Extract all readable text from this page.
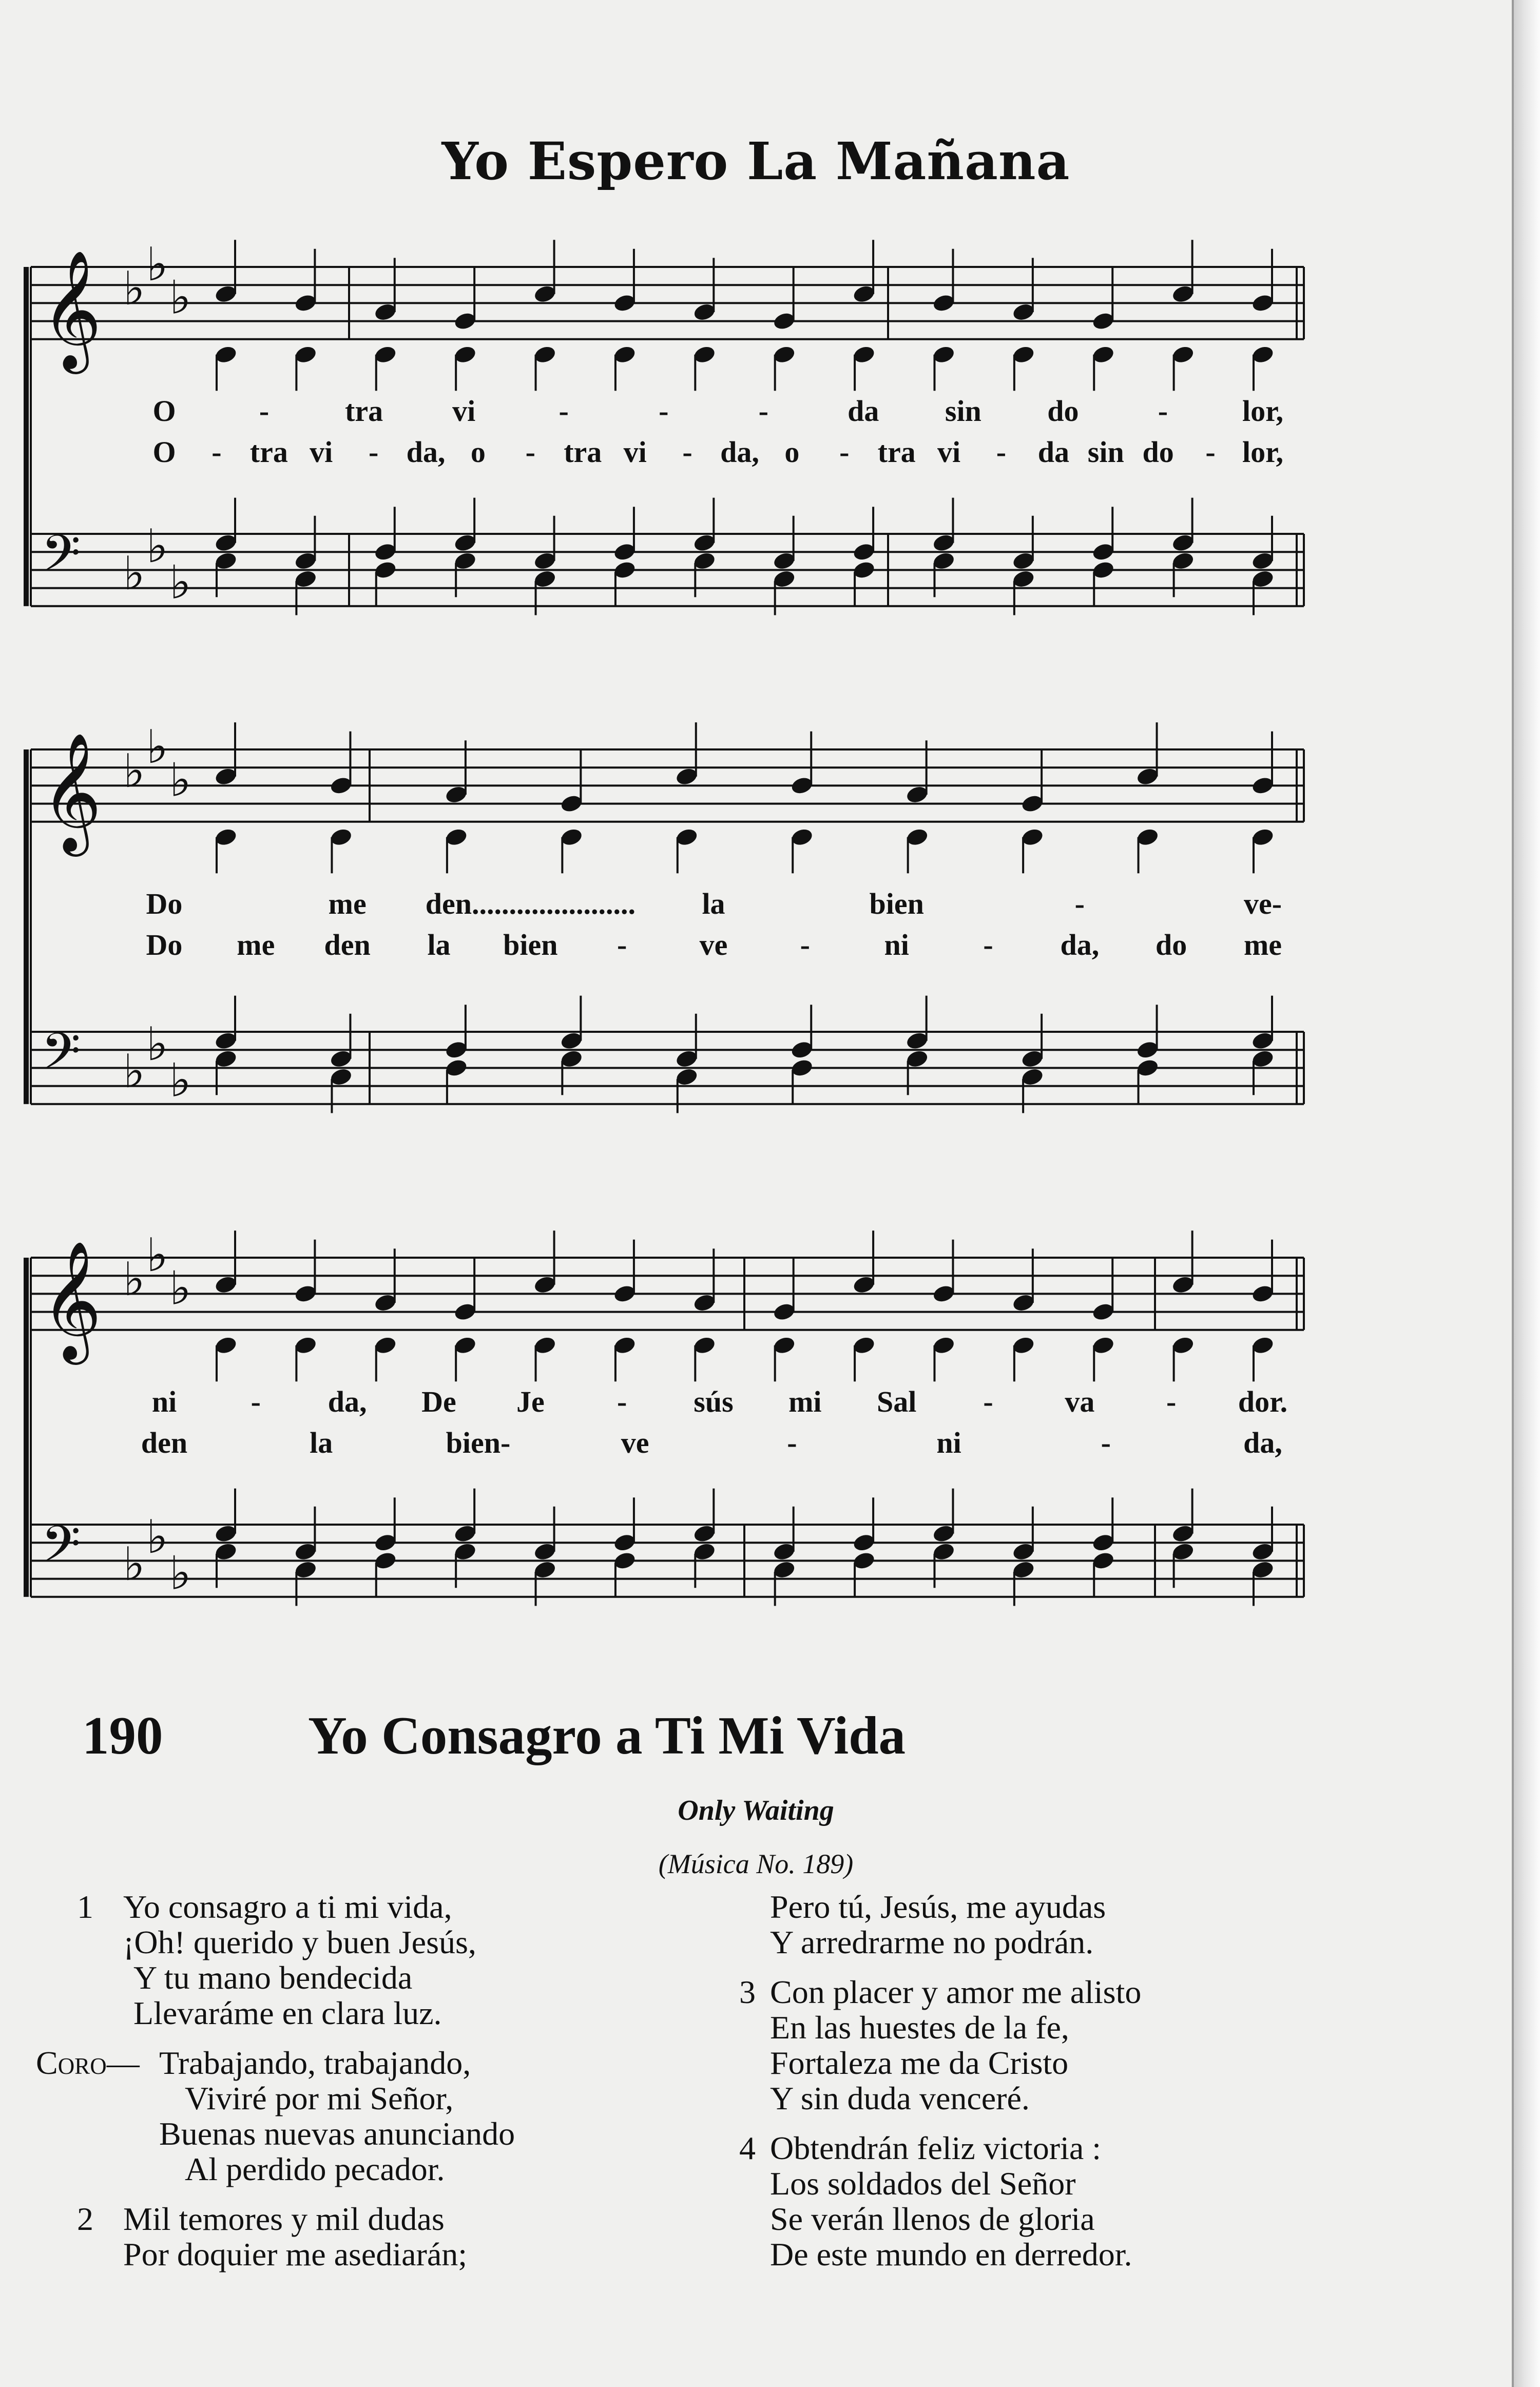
Yo Espero La Mañana
𝄞
𝄢
♭ ♭
♭
♭
♭
♭
𝄞
𝄢
♭ ♭
♭
♭
♭
♭
𝄞
𝄢
♭ ♭
♭
♭
♭
♭
O	-	tra vi	-	-	-	da sin do	- lor,
O - tra vi - da, o - tra vi - da, o - tra vi - da sin do - lor,
Do	me den...................... la	bien	-	ve-
Do me den la bien - ve - ni - da, do me
ni - da, De Je - sús mi Sal - va - dor.
den	la	bien-	ve	-	ni	-	da,
190	Yo Consagro a Ti Mi Vida
Only Waiting
(Música No. 189)
1 Yo consagro a ti mi vida,
¡Oh! querido y buen Jesús,
Y tu mano bendecida
Llevaráme en clara luz.
Coro— Trabajando, trabajando,
Viviré por mi Señor,
Buenas nuevas anunciando
Al perdido pecador.
2 Mil temores y mil dudas
Por doquier me asediarán;
Pero tú, Jesús, me ayudas
Y arredrarme no podrán.
3 Con placer y amor me alisto
En las huestes de la fe,
Fortaleza me da Cristo
Y sin duda venceré.
4 Obtendrán feliz victoria :
Los soldados del Señor
Se verán llenos de gloria
De este mundo en derredor.
